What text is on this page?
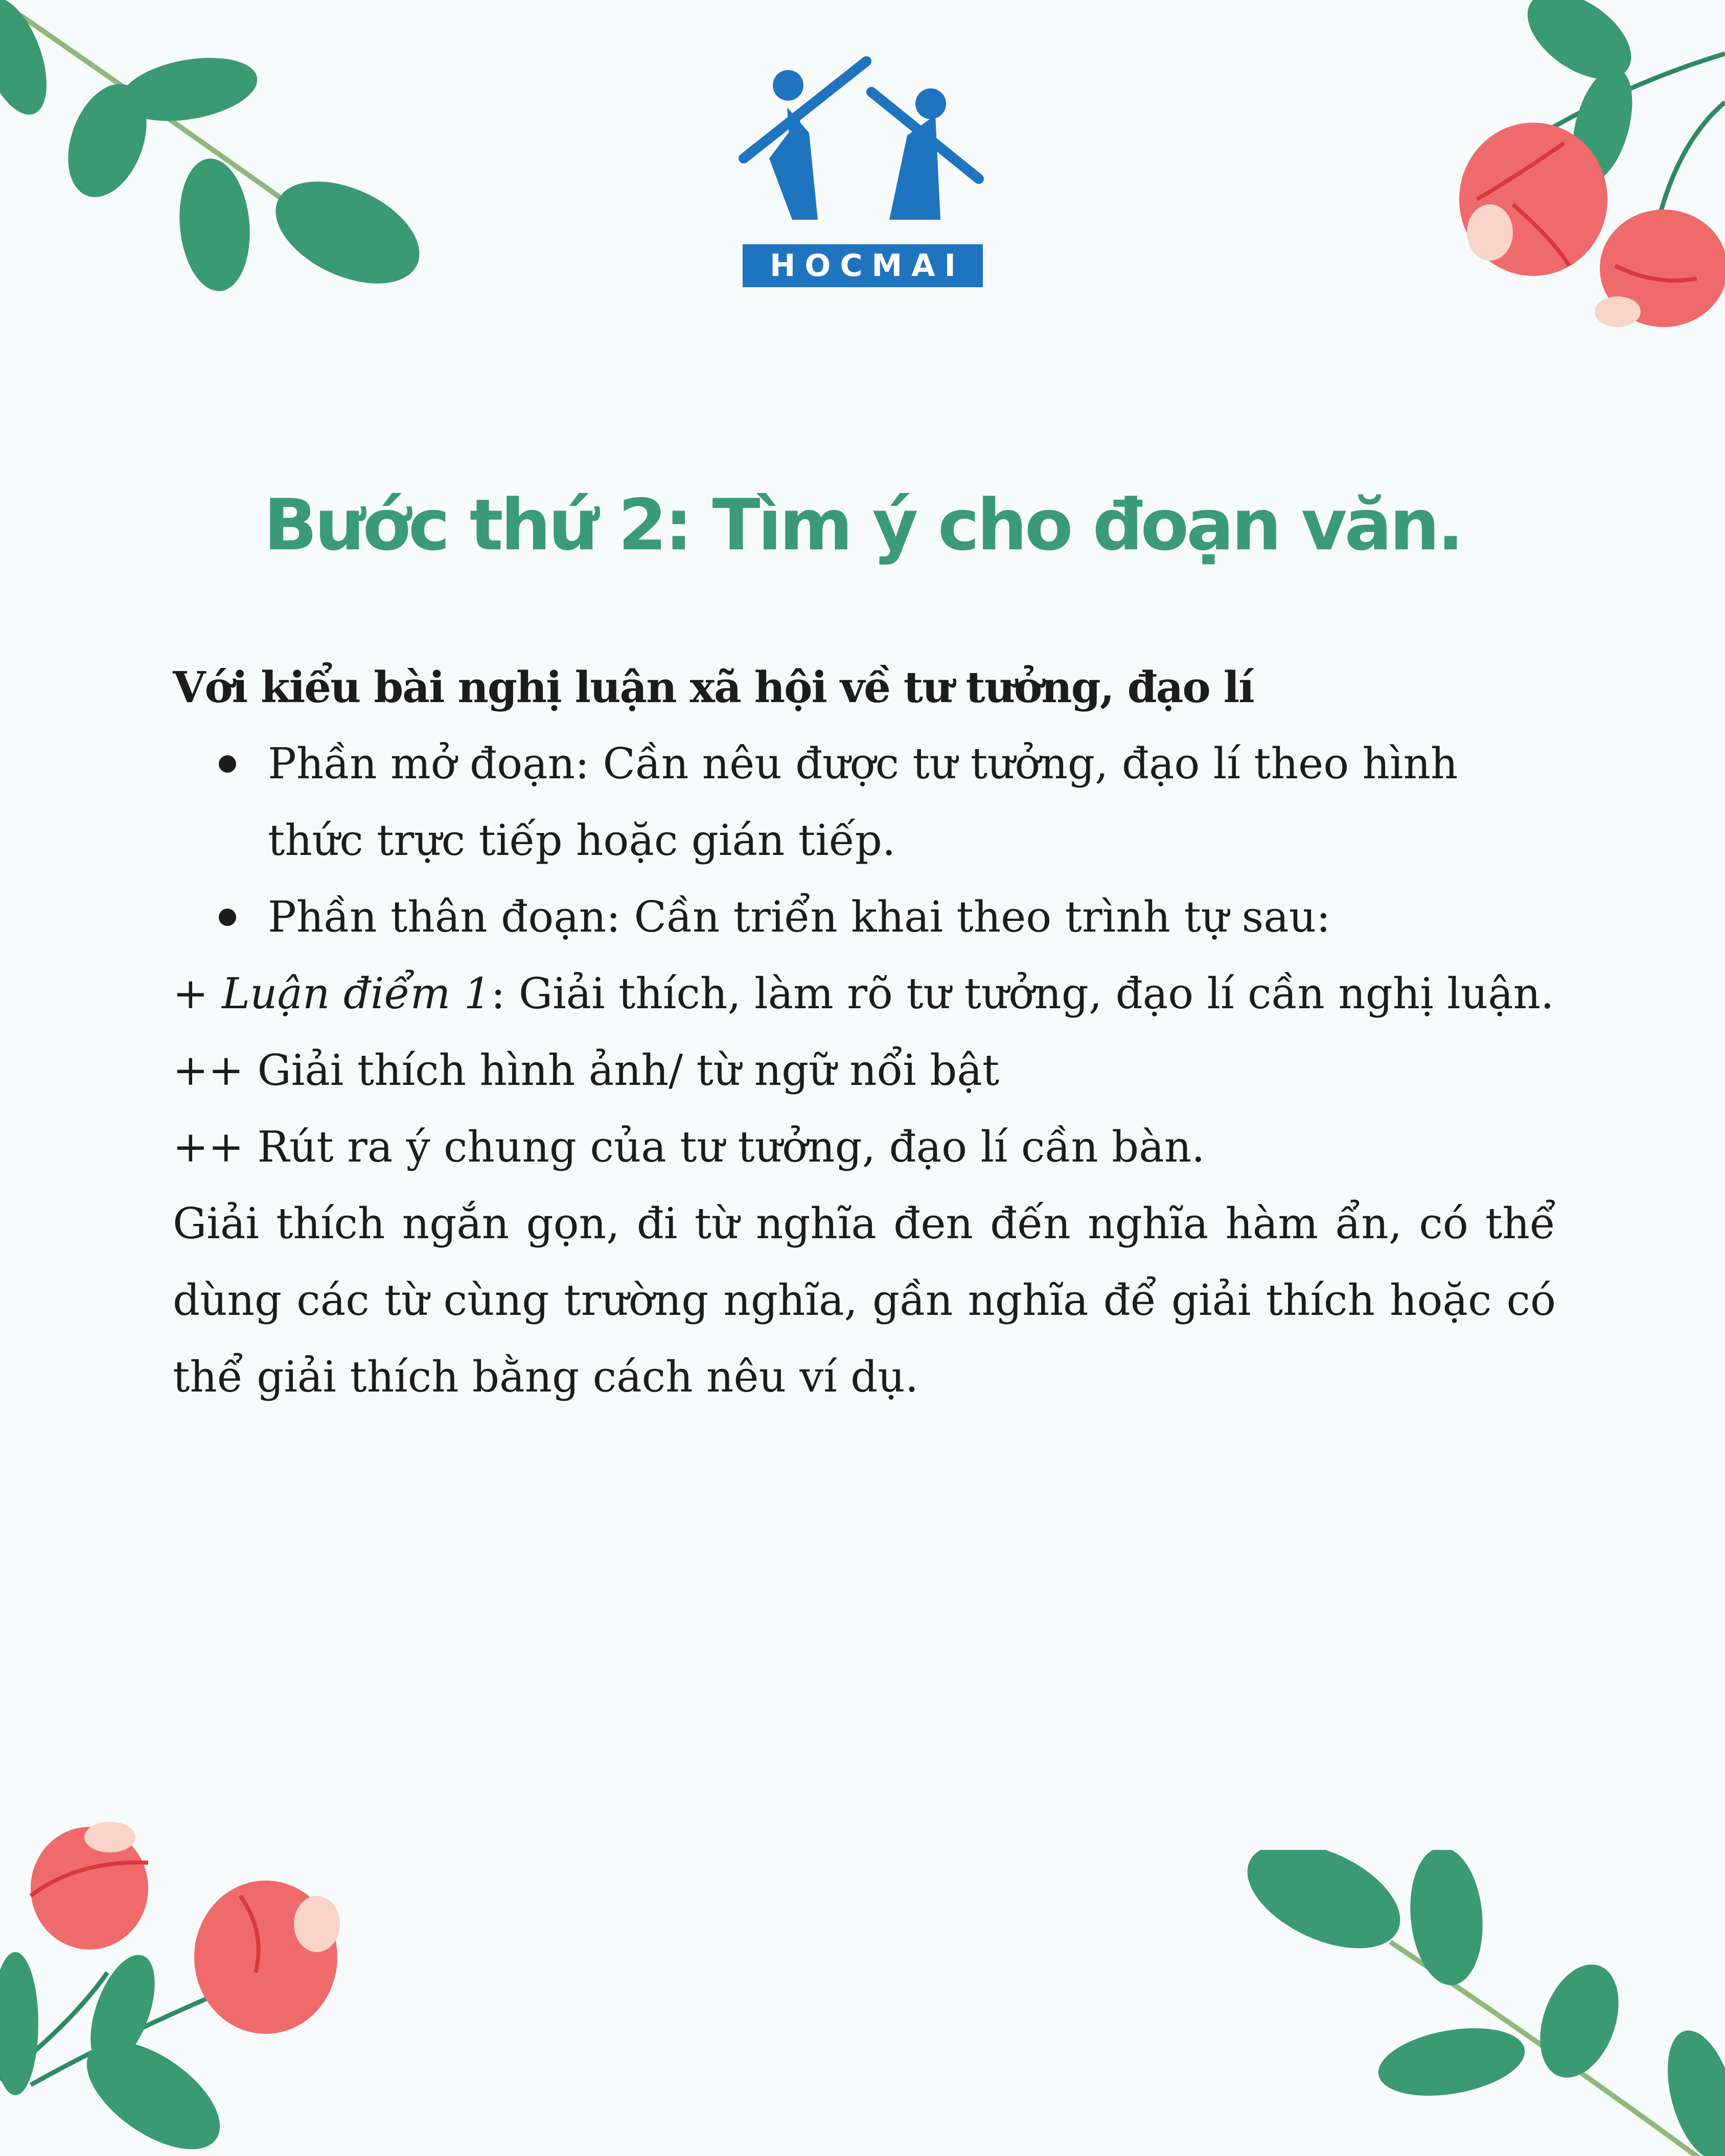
HOCMAI
Bước thứ 2: Tìm ý cho đoạn văn.

Với kiểu bài nghị luận xã hội về tư tưởng, đạo lí

Phần mở đoạn: Cần nêu được tư tưởng, đạo lí theo hình thức trực tiếp hoặc gián tiếp.
Phần thân đoạn: Cần triển khai theo trình tự sau:

+ Luận điểm 1: Giải thích, làm rõ tư tưởng, đạo lí cần nghị luận.

++ Giải thích hình ảnh/ từ ngữ nổi bật

++ Rút ra ý chung của tư tưởng, đạo lí cần bàn.

Giải thích ngắn gọn, đi từ nghĩa đen đến nghĩa hàm ẩn, có thể dùng các từ cùng trường nghĩa, gần nghĩa để giải thích hoặc có thể giải thích bằng cách nêu ví dụ.
